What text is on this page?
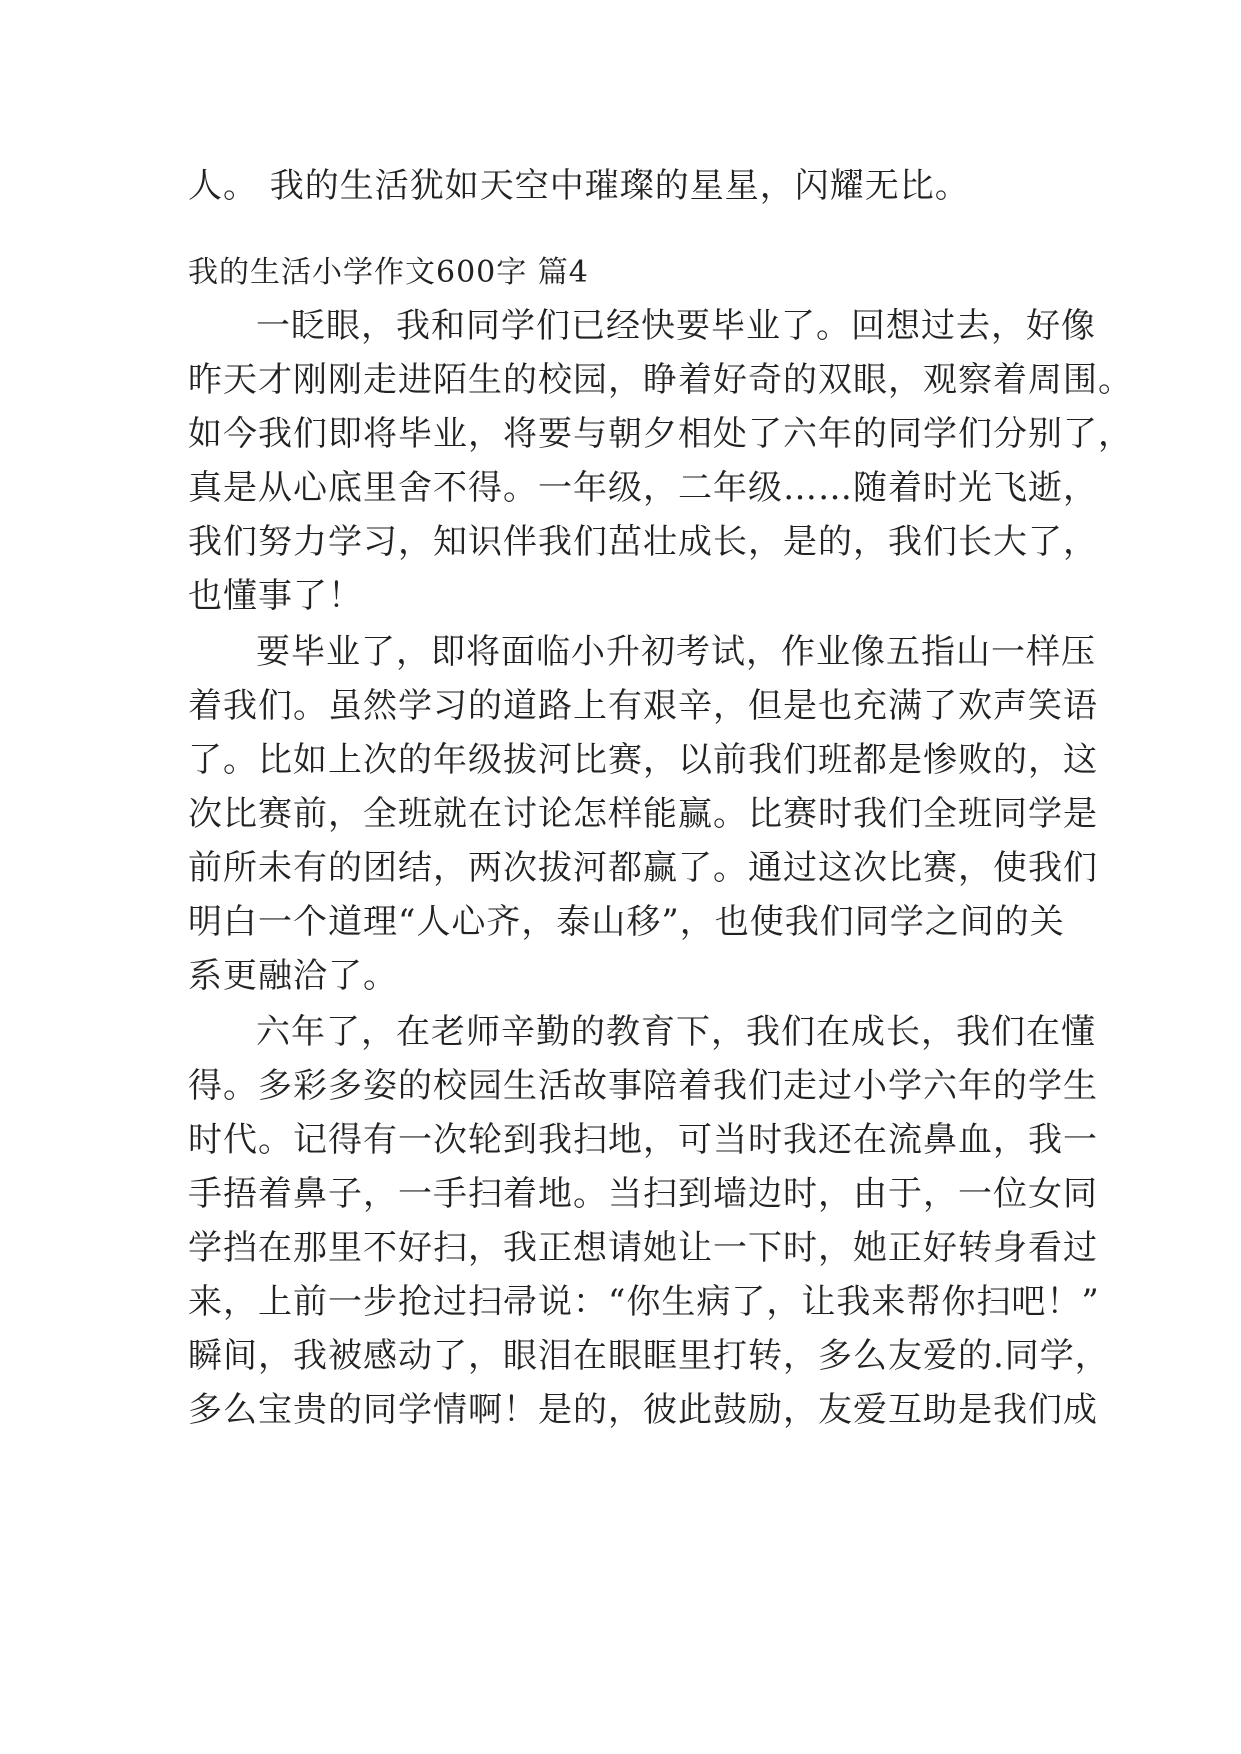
人。 我的生活犹如天空中璀璨的星星，闪耀无比。
我的生活小学作文600字 篇4
一眨眼，我和同学们已经快要毕业了。回想过去，好像
昨天才刚刚走进陌生的校园，睁着好奇的双眼，观察着周围。
如今我们即将毕业，将要与朝夕相处了六年的同学们分别了，
真是从心底里舍不得。一年级，二年级……随着时光飞逝，
我们努力学习，知识伴我们茁壮成长，是的，我们长大了，
也懂事了！
要毕业了，即将面临小升初考试，作业像五指山一样压
着我们。虽然学习的道路上有艰辛，但是也充满了欢声笑语
了。比如上次的年级拔河比赛，以前我们班都是惨败的，这
次比赛前，全班就在讨论怎样能赢。比赛时我们全班同学是
前所未有的团结，两次拔河都赢了。通过这次比赛，使我们
明白一个道理“人心齐，泰山移”，也使我们同学之间的关
系更融洽了。
六年了，在老师辛勤的教育下，我们在成长，我们在懂
得。多彩多姿的校园生活故事陪着我们走过小学六年的学生
时代。记得有一次轮到我扫地，可当时我还在流鼻血，我一
手捂着鼻子，一手扫着地。当扫到墙边时，由于，一位女同
学挡在那里不好扫，我正想请她让一下时，她正好转身看过
来，上前一步抢过扫帚说：“你生病了，让我来帮你扫吧！”
瞬间，我被感动了，眼泪在眼眶里打转，多么友爱的.同学，
多么宝贵的同学情啊！是的，彼此鼓励，友爱互助是我们成
